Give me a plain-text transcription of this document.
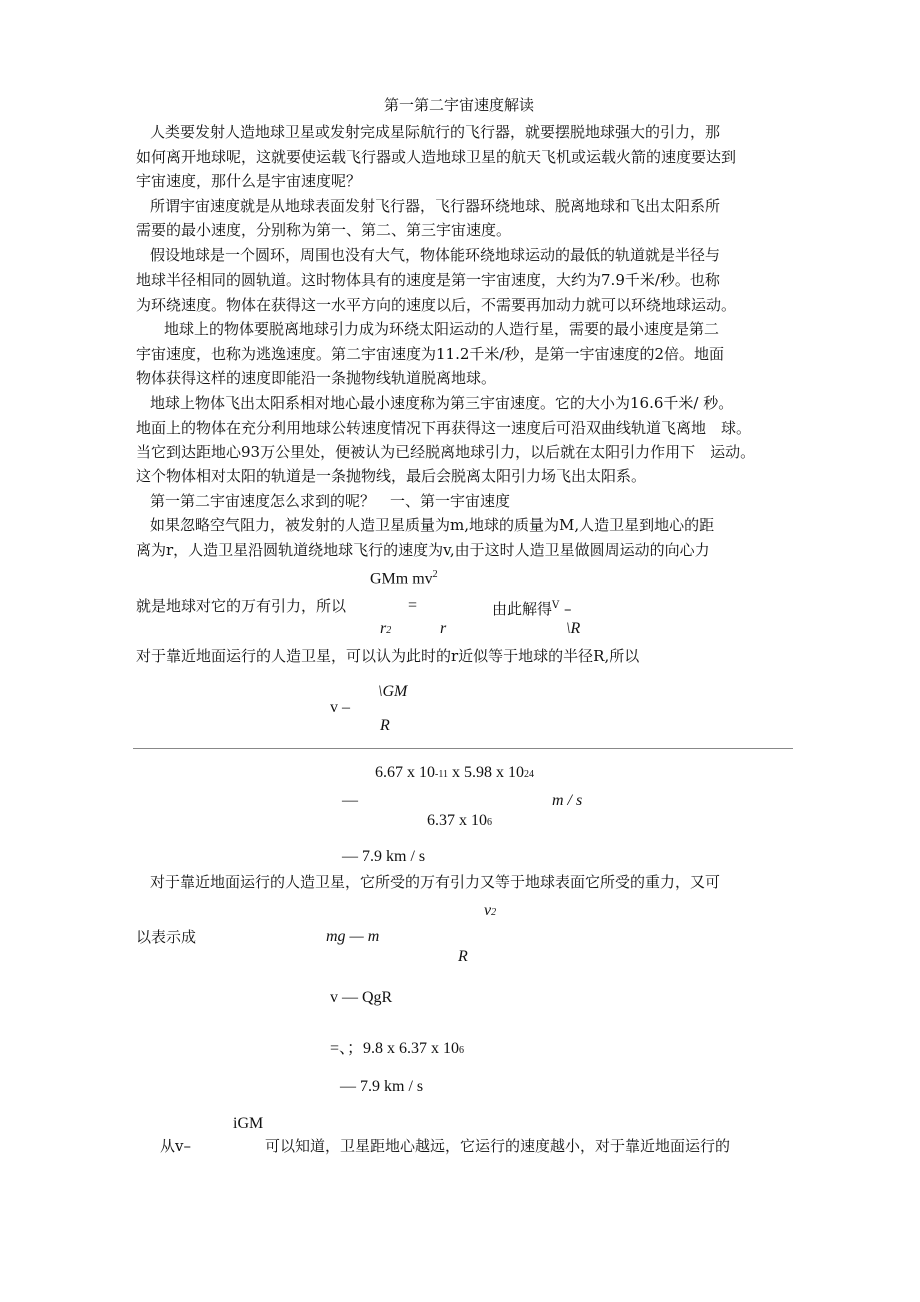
第一第二宇宙速度解读
人类要发射人造地球卫星或发射完成星际航行的飞行器，就要摆脱地球强大的引力，那
如何离开地球呢，这就要使运载飞行器或人造地球卫星的航天飞机或运载火箭的速度要达到
宇宙速度，那什么是宇宙速度呢？
所谓宇宙速度就是从地球表面发射飞行器，飞行器环绕地球、脱离地球和飞出太阳系所
需要的最小速度，分别称为第一、第二、第三宇宙速度。
假设地球是一个圆环，周围也没有大气，物体能环绕地球运动的最低的轨道就是半径与
地球半径相同的圆轨道。这时物体具有的速度是第一宇宙速度，大约为7.9千米/秒。也称
为环绕速度。物体在获得这一水平方向的速度以后，不需要再加动力就可以环绕地球运动。
地球上的物体要脱离地球引力成为环绕太阳运动的人造行星，需要的最小速度是第二
宇宙速度，也称为逃逸速度。第二宇宙速度为11.2千米/秒，是第一宇宙速度的2倍。地面
物体获得这样的速度即能沿一条抛物线轨道脱离地球。
地球上物体飞出太阳系相对地心最小速度称为第三宇宙速度。它的大小为16.6千米/ 秒。
地面上的物体在充分利用地球公转速度情况下再获得这一速度后可沿双曲线轨道飞离地　球。
当它到达距地心93万公里处，便被认为已经脱离地球引力，以后就在太阳引力作用下　运动。
这个物体相对太阳的轨道是一条抛物线，最后会脱离太阳引力场飞出太阳系。
第一第二宇宙速度怎么求到的呢？　一、第一宇宙速度
如果忽略空气阻力，被发射的人造卫星质量为m,地球的质量为M,人造卫星到地心的距
离为r，人造卫星沿圆轨道绕地球飞行的速度为v,由于这时人造卫星做圆周运动的向心力
GMm $mv^2$
就是地球对它的万有引力，所以	=	由此解得$^V$ –
r2	r	\R
对于靠近地面运行的人造卫星，可以认为此时的r近似等于地球的半径R,所以
\GM
v –
R
6.67 x 10-11 x 5.98 x 1024
—	m / s
6.37 x 106
— 7.9 km / s
对于靠近地面运行的人造卫星，它所受的万有引力又等于地球表面它所受的重力，又可
以表示成	mg — m
v2
R
v — QgR
=、；9.8 x 6.37 x 106
— 7.9 km / s
iGM
从v–	可以知道，卫星距地心越远，它运行的速度越小，对于靠近地面运行的
